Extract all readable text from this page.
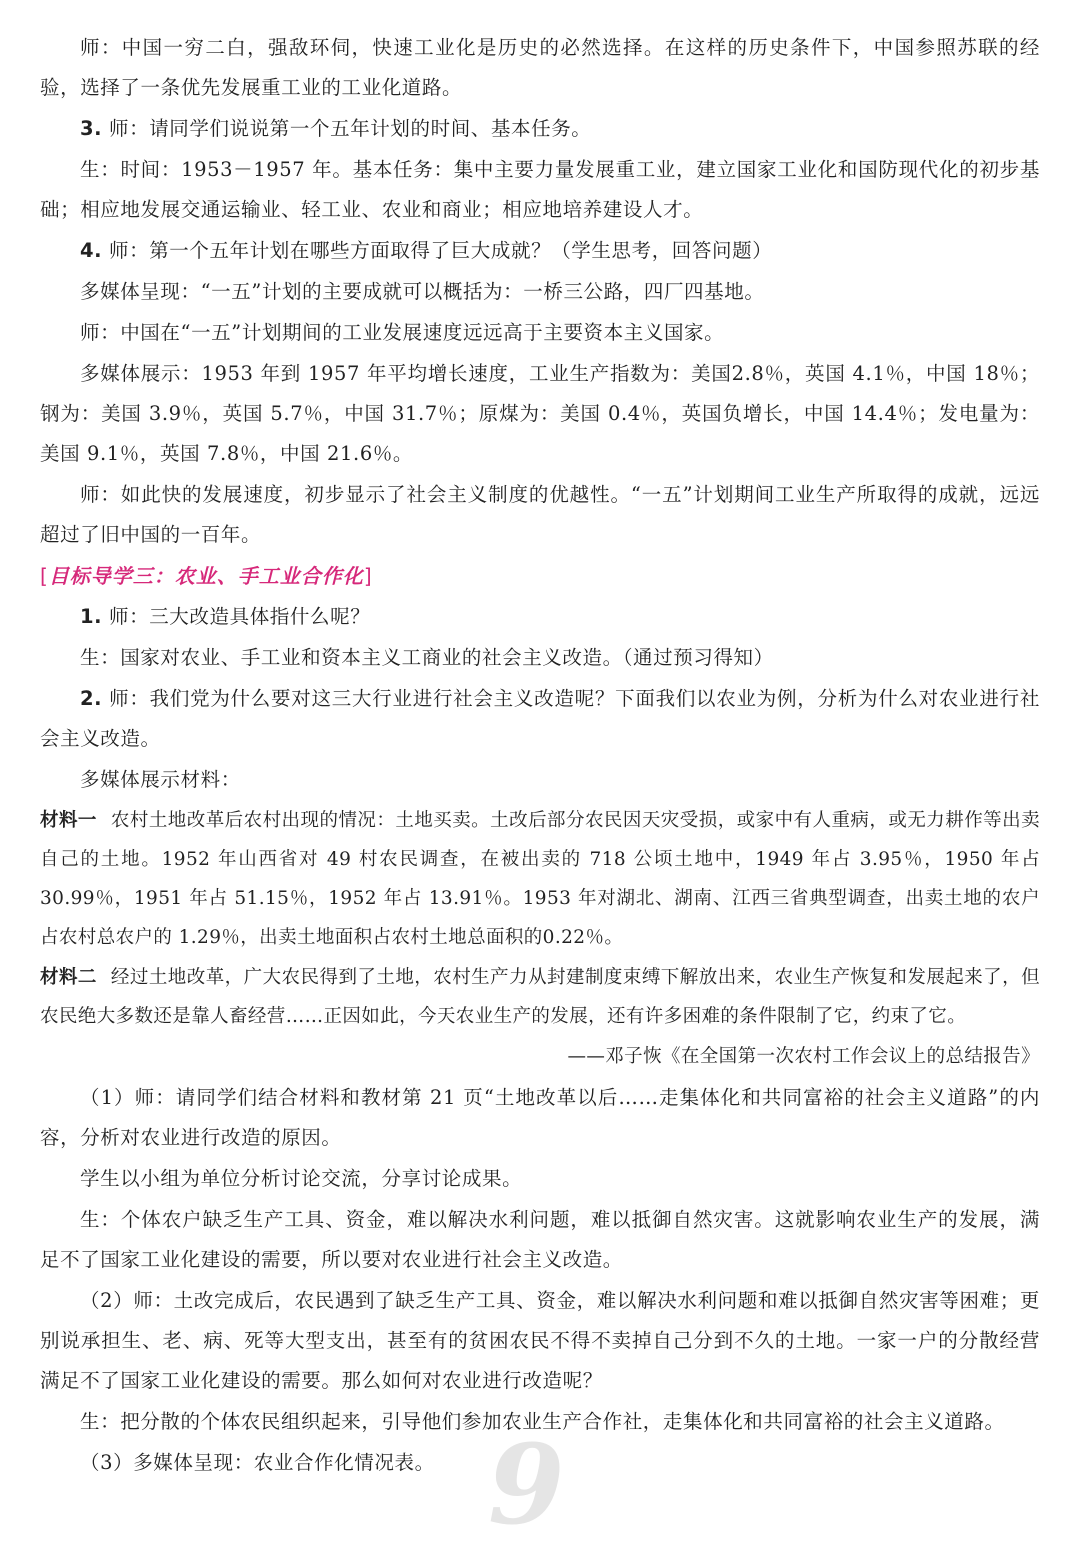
师：中国一穷二白，强敌环伺，快速工业化是历史的必然选择。在这样的历史条件下，中国参照苏联的经验，选择了一条优先发展重工业的工业化道路。

3. 师：请同学们说说第一个五年计划的时间、基本任务。

生：时间：1953－1957 年。基本任务：集中主要力量发展重工业，建立国家工业化和国防现代化的初步基础；相应地发展交通运输业、轻工业、农业和商业；相应地培养建设人才。

4. 师：第一个五年计划在哪些方面取得了巨大成就？（学生思考，回答问题）

多媒体呈现：“一五”计划的主要成就可以概括为：一桥三公路，四厂四基地。

师：中国在“一五”计划期间的工业发展速度远远高于主要资本主义国家。

多媒体展示：1953 年到 1957 年平均增长速度，工业生产指数为：美国2.8％，英国 4.1％，中国 18％；钢为：美国 3.9％，英国 5.7％，中国 31.7％；原煤为：美国 0.4％，英国负增长，中国 14.4％；发电量为：美国 9.1％，英国 7.8％，中国 21.6％。

师：如此快的发展速度，初步显示了社会主义制度的优越性。“一五”计划期间工业生产所取得的成就，远远超过了旧中国的一百年。

[目标导学三：农业、手工业合作化]

1. 师：三大改造具体指什么呢？

生：国家对农业、手工业和资本主义工商业的社会主义改造。（通过预习得知）

2. 师：我们党为什么要对这三大行业进行社会主义改造呢？下面我们以农业为例，分析为什么对农业进行社会主义改造。

多媒体展示材料：

材料一 农村土地改革后农村出现的情况：土地买卖。土改后部分农民因天灾受损，或家中有人重病，或无力耕作等出卖自己的土地。1952 年山西省对 49 村农民调查，在被出卖的 718 公顷土地中，1949 年占 3.95％，1950 年占 30.99％，1951 年占 51.15％，1952 年占 13.91％。1953 年对湖北、湖南、江西三省典型调查，出卖土地的农户占农村总农户的 1.29％，出卖土地面积占农村土地总面积的0.22％。

材料二 经过土地改革，广大农民得到了土地，农村生产力从封建制度束缚下解放出来，农业生产恢复和发展起来了，但农民绝大多数还是靠人畜经营……正因如此，今天农业生产的发展，还有许多困难的条件限制了它，约束了它。

——邓子恢《在全国第一次农村工作会议上的总结报告》

（1）师：请同学们结合材料和教材第 21 页“土地改革以后……走集体化和共同富裕的社会主义道路”的内容，分析对农业进行改造的原因。

学生以小组为单位分析讨论交流，分享讨论成果。

生：个体农户缺乏生产工具、资金，难以解决水利问题，难以抵御自然灾害。这就影响农业生产的发展，满足不了国家工业化建设的需要，所以要对农业进行社会主义改造。

（2）师：土改完成后，农民遇到了缺乏生产工具、资金，难以解决水利问题和难以抵御自然灾害等困难；更别说承担生、老、病、死等大型支出，甚至有的贫困农民不得不卖掉自己分到不久的土地。一家一户的分散经营满足不了国家工业化建设的需要。那么如何对农业进行改造呢？

生：把分散的个体农民组织起来，引导他们参加农业生产合作社，走集体化和共同富裕的社会主义道路。

（3）多媒体呈现：农业合作化情况表。 9
